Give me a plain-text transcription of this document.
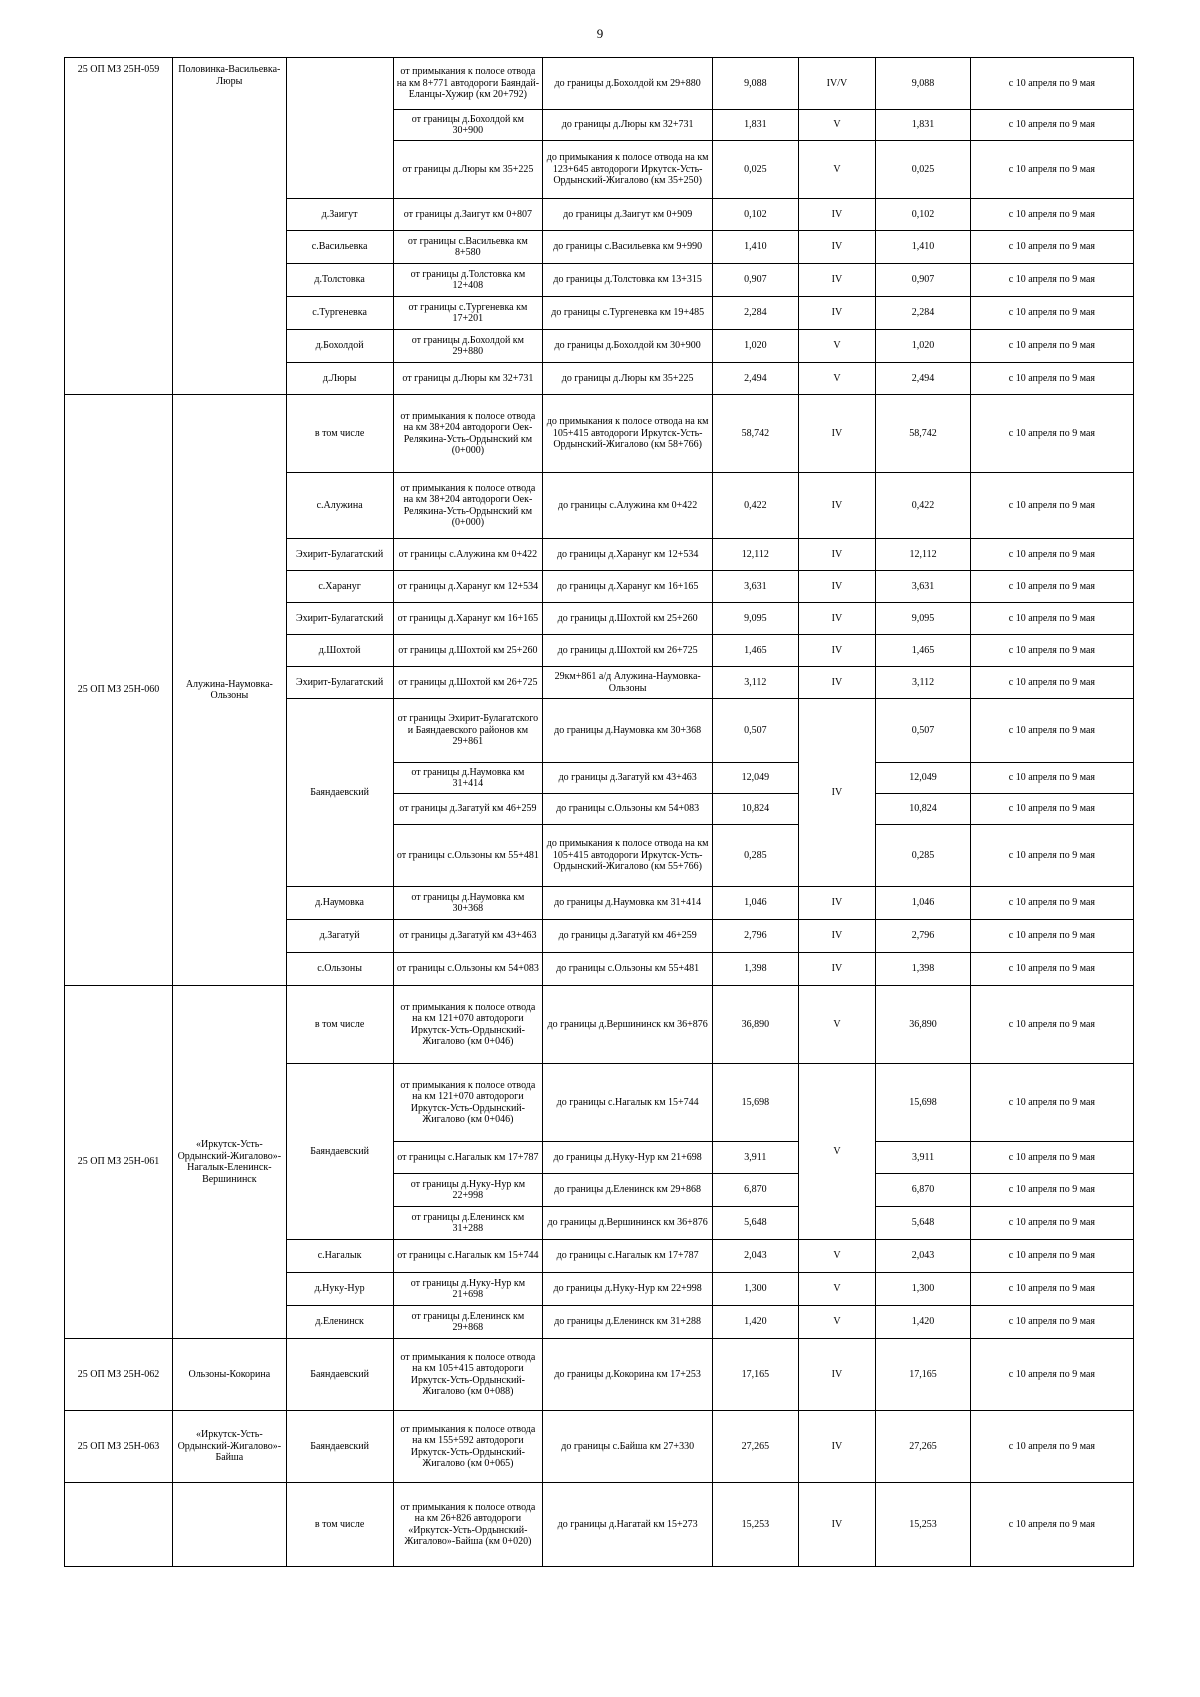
9
25 ОП МЗ 25Н-059	Половинка-Васильевка-Люры		от примыкания к полосе отвода на км 8+771 автодороги Баяндай-Еланцы-Хужир (км 20+792)	до границы д.Бохолдой км 29+880	9,088	IV/V	9,088	с 10 апреля по 9 мая
			от границы д.Бохолдой км 30+900	до границы д.Люры км 32+731	1,831	V	1,831	с 10 апреля по 9 мая
			от границы д.Люры км 35+225	до примыкания к полосе отвода на км 123+645 автодороги Иркутск-Усть-Ордынский-Жигалово (км 35+250)	0,025	V	0,025	с 10 апреля по 9 мая
		д.Заигут	от границы д.Заигут км 0+807	до границы д.Заигут км 0+909	0,102	IV	0,102	с 10 апреля по 9 мая
		с.Васильевка	от границы с.Васильевка км 8+580	до границы с.Васильевка км 9+990	1,410	IV	1,410	с 10 апреля по 9 мая
		д.Толстовка	от границы д.Толстовка км 12+408	до границы д.Толстовка км 13+315	0,907	IV	0,907	с 10 апреля по 9 мая
		с.Тургеневка	от границы с.Тургеневка км 17+201	до границы с.Тургеневка км 19+485	2,284	IV	2,284	с 10 апреля по 9 мая
		д.Бохолдой	от границы д.Бохолдой км 29+880	до границы д.Бохолдой км 30+900	1,020	V	1,020	с 10 апреля по 9 мая
		д.Люры	от границы д.Люры км 32+731	до границы д.Люры км 35+225	2,494	V	2,494	с 10 апреля по 9 мая
25 ОП МЗ 25Н-060	Алужина-Наумовка-Ользоны	в том числе	от примыкания к полосе отвода на км 38+204 автодороги Оек-Релякина-Усть-Ордынский км (0+000)	до примыкания к полосе отвода на км 105+415 автодороги Иркутск-Усть-Ордынский-Жигалово (км 58+766)	58,742	IV	58,742	с 10 апреля по 9 мая
		с.Алужина	от примыкания к полосе отвода на км 38+204 автодороги Оек-Релякина-Усть-Ордынский км (0+000)	до границы с.Алужина км 0+422	0,422	IV	0,422	с 10 апреля по 9 мая
		Эхирит-Булагатский	от границы с.Алужина км 0+422	до границы д.Харануг км 12+534	12,112	IV	12,112	с 10 апреля по 9 мая
		с.Харануг	от границы д.Харануг км 12+534	до границы д.Харануг км 16+165	3,631	IV	3,631	с 10 апреля по 9 мая
		Эхирит-Булагатский	от границы д.Харануг км 16+165	до границы д.Шохтой км 25+260	9,095	IV	9,095	с 10 апреля по 9 мая
		д.Шохтой	от границы д.Шохтой км 25+260	до границы д.Шохтой км 26+725	1,465	IV	1,465	с 10 апреля по 9 мая
		Эхирит-Булагатский	от границы д.Шохтой км 26+725	29км+861 а/д Алужина-Наумовка-Ользоны	3,112	IV	3,112	с 10 апреля по 9 мая
		Баяндаевский	от границы Эхирит-Булагатского и Баяндаевского районов км 29+861	до границы д.Наумовка км 30+368	0,507	IV	0,507	с 10 апреля по 9 мая
			от границы д.Наумовка км 31+414	до границы д.Загатуй км 43+463	12,049		12,049	с 10 апреля по 9 мая
			от границы д.Загатуй км 46+259	до границы с.Ользоны км 54+083	10,824		10,824	с 10 апреля по 9 мая
			от границы с.Ользоны км 55+481	до примыкания к полосе отвода на км 105+415 автодороги Иркутск-Усть-Ордынский-Жигалово (км 55+766)	0,285		0,285	с 10 апреля по 9 мая
		д.Наумовка	от границы д.Наумовка км 30+368	до границы д.Наумовка км 31+414	1,046	IV	1,046	с 10 апреля по 9 мая
		д.Загатуй	от границы д.Загатуй км 43+463	до границы д.Загатуй км 46+259	2,796	IV	2,796	с 10 апреля по 9 мая
		с.Ользоны	от границы с.Ользоны км 54+083	до границы с.Ользоны км 55+481	1,398	IV	1,398	с 10 апреля по 9 мая
25 ОП МЗ 25Н-061	«Иркутск-Усть-Ордынский-Жигалово»-Нагалык-Еленинск-Вершининск	в том числе	от примыкания к полосе отвода на км 121+070 автодороги Иркутск-Усть-Ордынский-Жигалово (км 0+046)	до границы д.Вершининск км 36+876	36,890	V	36,890	с 10 апреля по 9 мая
		Баяндаевский	от примыкания к полосе отвода на км 121+070 автодороги Иркутск-Усть-Ордынский-Жигалово (км 0+046)	до границы с.Нагалык км 15+744	15,698	V	15,698	с 10 апреля по 9 мая
			от границы с.Нагалык км 17+787	до границы д.Нуку-Нур км 21+698	3,911		3,911	с 10 апреля по 9 мая
			от границы д.Нуку-Нур км 22+998	до границы д.Еленинск км 29+868	6,870		6,870	с 10 апреля по 9 мая
			от границы д.Еленинск км 31+288	до границы д.Вершининск км 36+876	5,648		5,648	с 10 апреля по 9 мая
		с.Нагалык	от границы с.Нагалык км 15+744	до границы с.Нагалык км 17+787	2,043	V	2,043	с 10 апреля по 9 мая
		д.Нуку-Нур	от границы д.Нуку-Нур км 21+698	до границы д.Нуку-Нур км 22+998	1,300	V	1,300	с 10 апреля по 9 мая
		д.Еленинск	от границы д.Еленинск км 29+868	до границы д.Еленинск км 31+288	1,420	V	1,420	с 10 апреля по 9 мая
25 ОП МЗ 25Н-062	Ользоны-Кокорина	Баяндаевский	от примыкания к полосе отвода на км 105+415 автодороги Иркутск-Усть-Ордынский-Жигалово (км 0+088)	до границы д.Кокорина км 17+253	17,165	IV	17,165	с 10 апреля по 9 мая
25 ОП МЗ 25Н-063	«Иркутск-Усть-Ордынский-Жигалово»-Байша	Баяндаевский	от примыкания к полосе отвода на км 155+592 автодороги Иркутск-Усть-Ордынский-Жигалово (км 0+065)	до границы с.Байша км 27+330	27,265	IV	27,265	с 10 апреля по 9 мая
		в том числе	от примыкания к полосе отвода на км 26+826 автодороги «Иркутск-Усть-Ордынский-Жигалово»-Байша (км 0+020)	до границы д.Нагатай км 15+273	15,253	IV	15,253	с 10 апреля по 9 мая
